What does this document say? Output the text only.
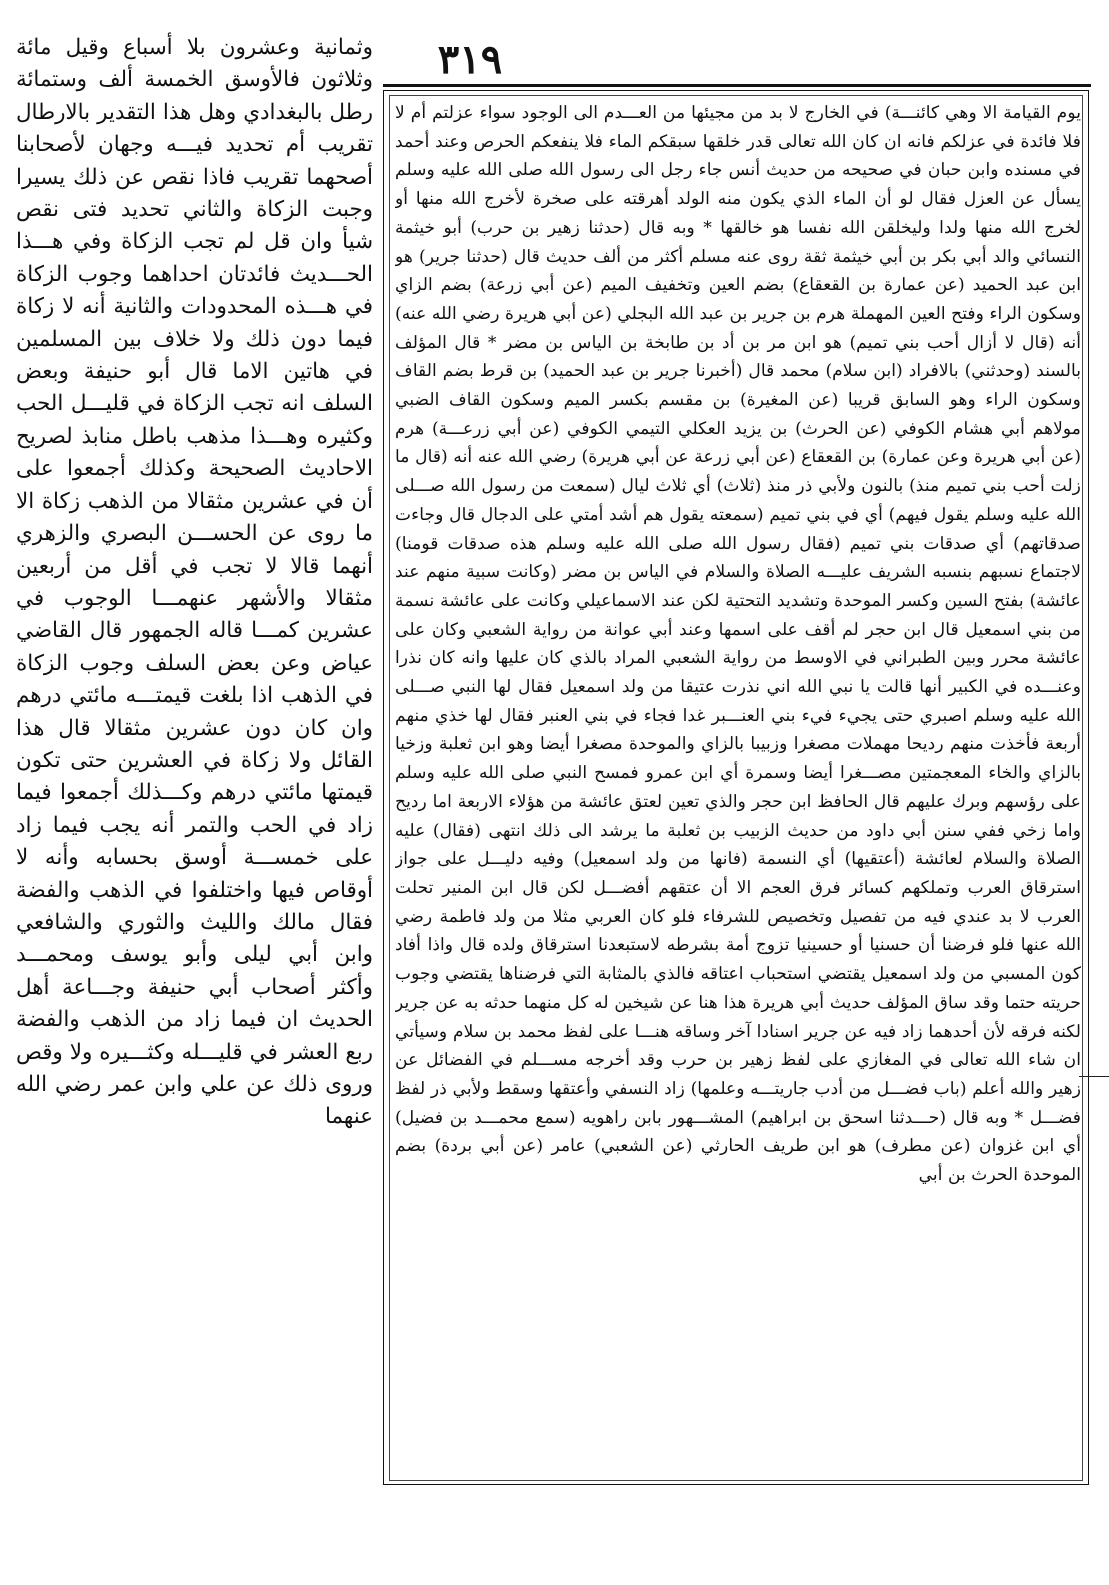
٣١٩

وثمانية وعشرون بلا أسباع وقيل مائة وثلاثون فالأوسق الخمسة ألف وستمائة رطل بالبغدادي وهل هذا التقدير بالارطال تقريب أم تحديد فيـــه وجهان لأصحابنا أصحهما تقريب فاذا نقص عن ذلك يسيرا وجبت الزكاة والثاني تحديد فتى نقص شيأ وان قل لم تجب الزكاة وفي هـــذا الحـــديث فائدتان احداهما وجوب الزكاة في هـــذه المحدودات والثانية أنه لا زكاة فيما دون ذلك ولا خلاف بين المسلمين في هاتين الاما قال أبو حنيفة وبعض السلف انه تجب الزكاة في قليـــل الحب وكثيره وهـــذا مذهب باطل منابذ لصريح الاحاديث الصحيحة وكذلك أجمعوا على أن في عشرين مثقالا من الذهب زكاة الا ما روى عن الحســـن البصري والزهري أنهما قالا لا تجب في أقل من أربعين مثقالا والأشهر عنهمـــا الوجوب في عشرين كمـــا قاله الجمهور قال القاضي عياض وعن بعض السلف وجوب الزكاة في الذهب اذا بلغت قيمتـــه مائتي درهم وان كان دون عشرين مثقالا قال هذا القائل ولا زكاة في العشرين حتى تكون قيمتها مائتي درهم وكـــذلك أجمعوا فيما زاد في الحب والتمر أنه يجب فيما زاد على خمســـة أوسق بحسابه وأنه لا أوقاص فيها واختلفوا في الذهب والفضة فقال مالك والليث والثوري والشافعي وابن أبي ليلى وأبو يوسف ومحمـــد وأكثر أصحاب أبي حنيفة وجـــاعة أهل الحديث ان فيما زاد من الذهب والفضة ربع العشر في قليـــله وكثـــيره ولا وقص وروى ذلك عن علي وابن عمر رضي الله عنهما

يوم القيامة الا وهي كائنـــة) في الخارج لا بد من مجيئها من العـــدم الى الوجود سواء عزلتم أم لا فلا فائدة في عزلكم فانه ان كان الله تعالى قدر خلقها سبقكم الماء فلا ينفعكم الحرص وعند أحمد في مسنده وابن حبان في صحيحه من حديث أنس جاء رجل الى رسول الله صلى الله عليه وسلم يسأل عن العزل فقال لو أن الماء الذي يكون منه الولد أهرقته على صخرة لأخرج الله منها أو لخرج الله منها ولدا وليخلقن الله نفسا هو خالقها * وبه قال (حدثنا زهير بن حرب) أبو خيثمة النسائي والد أبي بكر بن أبي خيثمة ثقة روى عنه مسلم أكثر من ألف حديث قال (حدثنا جرير) هو ابن عبد الحميد (عن عمارة بن القعقاع) بضم العين وتخفيف الميم (عن أبي زرعة) بضم الزاي وسكون الراء وفتح العين المهملة هرم بن جرير بن عبد الله البجلي (عن أبي هريرة رضي الله عنه) أنه (قال لا أزال أحب بني تميم) هو ابن مر بن أد بن طابخة بن الياس بن مضر * قال المؤلف بالسند (وحدثني) بالافراد (ابن سلام) محمد قال (أخبرنا جرير بن عبد الحميد) بن قرط بضم القاف وسكون الراء وهو السابق قريبا (عن المغيرة) بن مقسم بكسر الميم وسكون القاف الضبي مولاهم أبي هشام الكوفي (عن الحرث) بن يزيد العكلي التيمي الكوفي (عن أبي زرعـــة) هرم (عن أبي هريرة وعن عمارة) بن القعقاع (عن أبي زرعة عن أبي هريرة) رضي الله عنه أنه (قال ما زلت أحب بني تميم منذ) بالنون ولأبي ذر منذ (ثلاث) أي ثلاث ليال (سمعت من رسول الله صـــلى الله عليه وسلم يقول فيهم) أي في بني تميم (سمعته يقول هم أشد أمتي على الدجال قال وجاءت صدقاتهم) أي صدقات بني تميم (فقال رسول الله صلى الله عليه وسلم هذه صدقات قومنا) لاجتماع نسبهم بنسبه الشريف عليـــه الصلاة والسلام في الياس بن مضر (وكانت سبية منهم عند عائشة) بفتح السين وكسر الموحدة وتشديد التحتية لكن عند الاسماعيلي وكانت على عائشة نسمة من بني اسمعيل قال ابن حجر لم أقف على اسمها وعند أبي عوانة من رواية الشعبي وكان على عائشة محرر وبين الطبراني في الاوسط من رواية الشعبي المراد بالذي كان عليها وانه كان نذرا وعنـــده في الكبير أنها قالت يا نبي الله اني نذرت عتيقا من ولد اسمعيل فقال لها النبي صـــلى الله عليه وسلم اصبري حتى يجيء فيء بني العنـــبر غدا فجاء في بني العنبر فقال لها خذي منهم أربعة فأخذت منهم رديحا مهملات مصغرا وزبيبا بالزاي والموحدة مصغرا أيضا وهو ابن ثعلبة وزخيا بالزاي والخاء المعجمتين مصـــغرا أيضا وسمرة أي ابن عمرو فمسح النبي صلى الله عليه وسلم على رؤسهم وبرك عليهم قال الحافظ ابن حجر والذي تعين لعتق عائشة من هؤلاء الاربعة اما رديح واما زخي ففي سنن أبي داود من حديث الزبيب بن ثعلبة ما يرشد الى ذلك انتهى (فقال) عليه الصلاة والسلام لعائشة (أعتقيها) أي النسمة (فانها من ولد اسمعيل) وفيه دليـــل على جواز استرقاق العرب وتملكهم كسائر فرق العجم الا أن عتقهم أفضـــل لكن قال ابن المنير تحلت العرب لا بد عندي فيه من تفصيل وتخصيص للشرفاء فلو كان العربي مثلا من ولد فاطمة رضي الله عنها فلو فرضنا أن حسنيا أو حسينيا تزوج أمة بشرطه لاستبعدنا استرقاق ولده قال واذا أفاد كون المسبي من ولد اسمعيل يقتضي استحباب اعتاقه فالذي بالمثابة التي فرضناها يقتضي وجوب حريته حتما وقد ساق المؤلف حديث أبي هريرة هذا هنا عن شيخين له كل منهما حدثه به عن جرير لكنه فرقه لأن أحدهما زاد فيه عن جرير اسنادا آخر وساقه هنـــا على لفظ محمد بن سلام وسيأتي ان شاء الله تعالى في المغازي على لفظ زهير بن حرب وقد أخرجه مســـلم في الفضائل عن زهير والله أعلم (باب فضـــل من أدب جاريتـــه وعلمها) زاد النسفي وأعتقها وسقط ولأبي ذر لفظ فضـــل * وبه قال (حـــدثنا اسحق بن ابراهيم) المشـــهور بابن راهويه (سمع محمـــد بن فضيل) أي ابن غزوان (عن مطرف) هو ابن طريف الحارثي (عن الشعبي) عامر (عن أبي بردة) بضم الموحدة الحرث بن أبي
